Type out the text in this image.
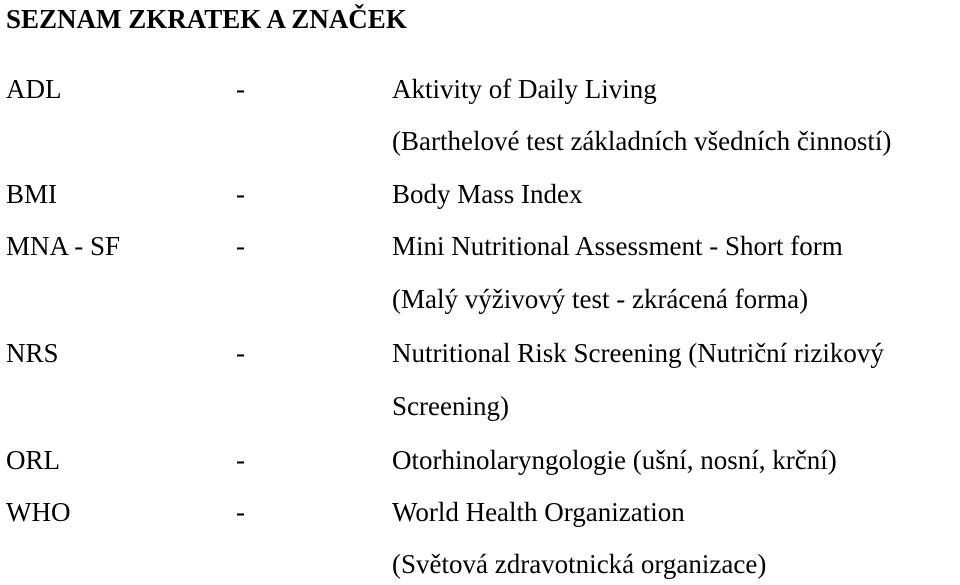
SEZNAM ZKRATEK A ZNAČEK
ADL	-	Aktivity of Daily Living
(Barthelové test základních všedních činností)
BMI	-	Body Mass Index
MNA - SF	-	Mini Nutritional Assessment - Short form
(Malý výživový test - zkrácená forma)
NRS	-	Nutritional Risk Screening (Nutriční rizikový
Screening)
ORL	-	Otorhinolaryngologie (ušní, nosní, krční)
WHO	-	World Health Organization
(Světová zdravotnická organizace)
